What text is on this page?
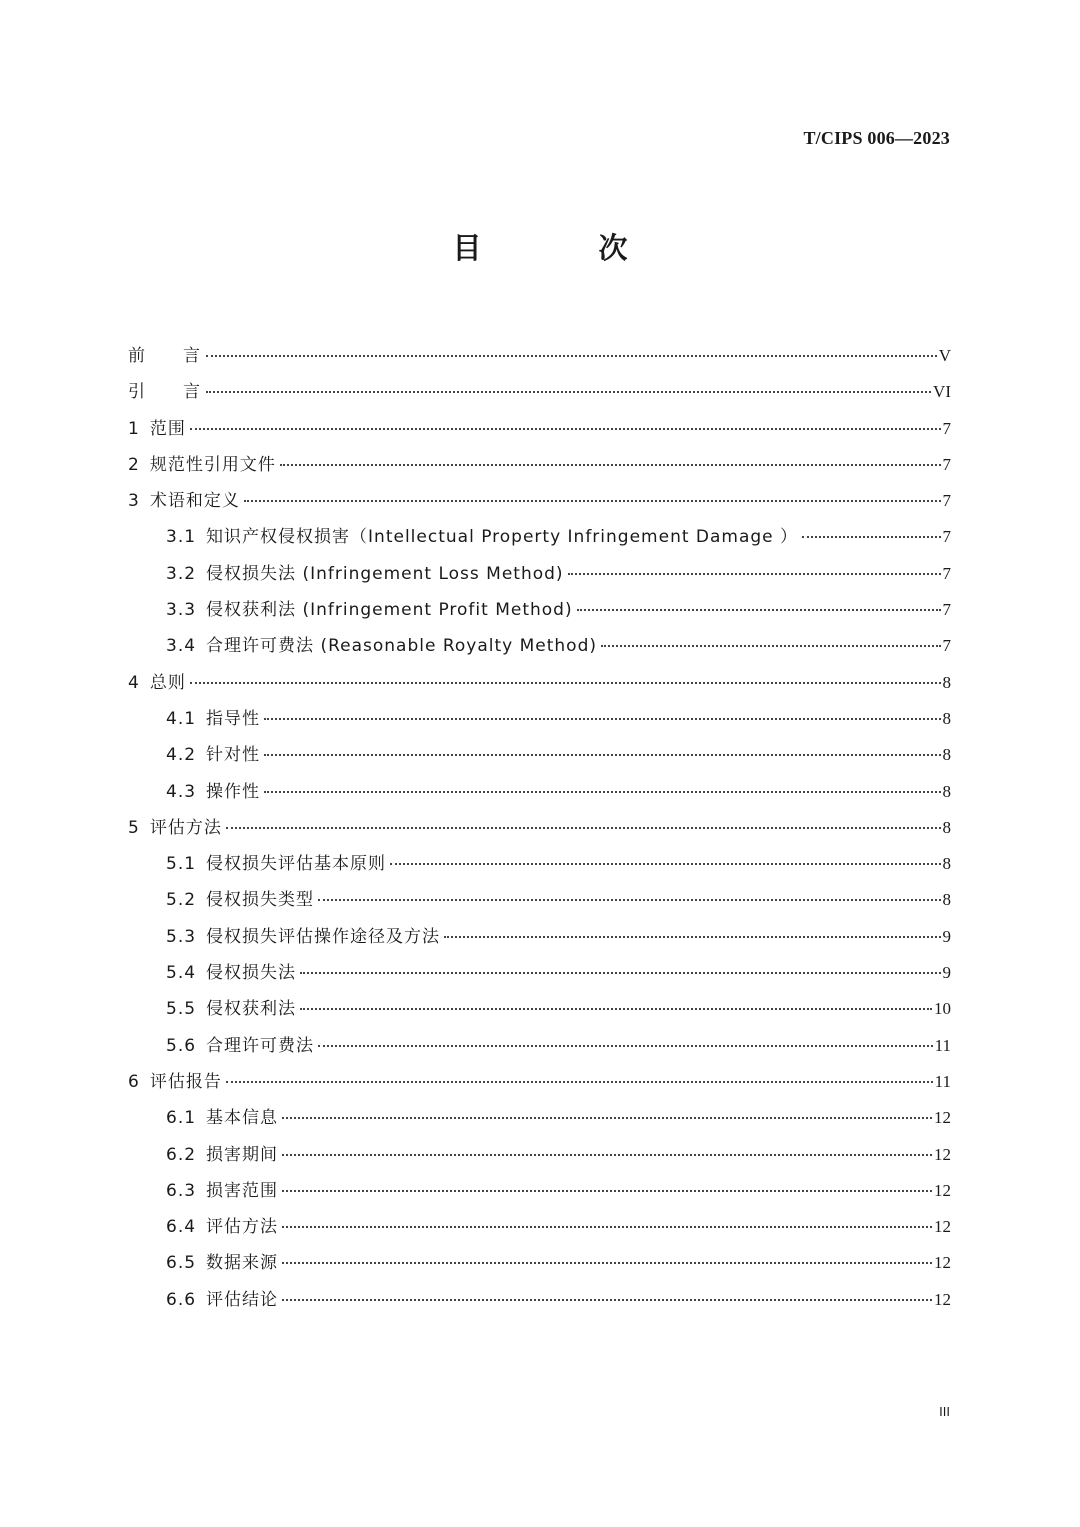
T/CIPS 006—2023
目　次
前言	V
引言	VI
1 范围	7
2 规范性引用文件	7
3 术语和定义	7
3.1 知识产权侵权损害（Intellectual Property Infringement Damage ）	7
3.2 侵权损失法 (Infringement Loss Method)	7
3.3 侵权获利法 (Infringement Profit Method)	7
3.4 合理许可费法 (Reasonable Royalty Method)	7
4 总则	8
4.1 指导性	8
4.2 针对性	8
4.3 操作性	8
5 评估方法	8
5.1 侵权损失评估基本原则	8
5.2 侵权损失类型	8
5.3 侵权损失评估操作途径及方法	9
5.4 侵权损失法	9
5.5 侵权获利法	10
5.6 合理许可费法	11
6 评估报告	11
6.1 基本信息	12
6.2 损害期间	12
6.3 损害范围	12
6.4 评估方法	12
6.5 数据来源	12
6.6 评估结论	12
III
